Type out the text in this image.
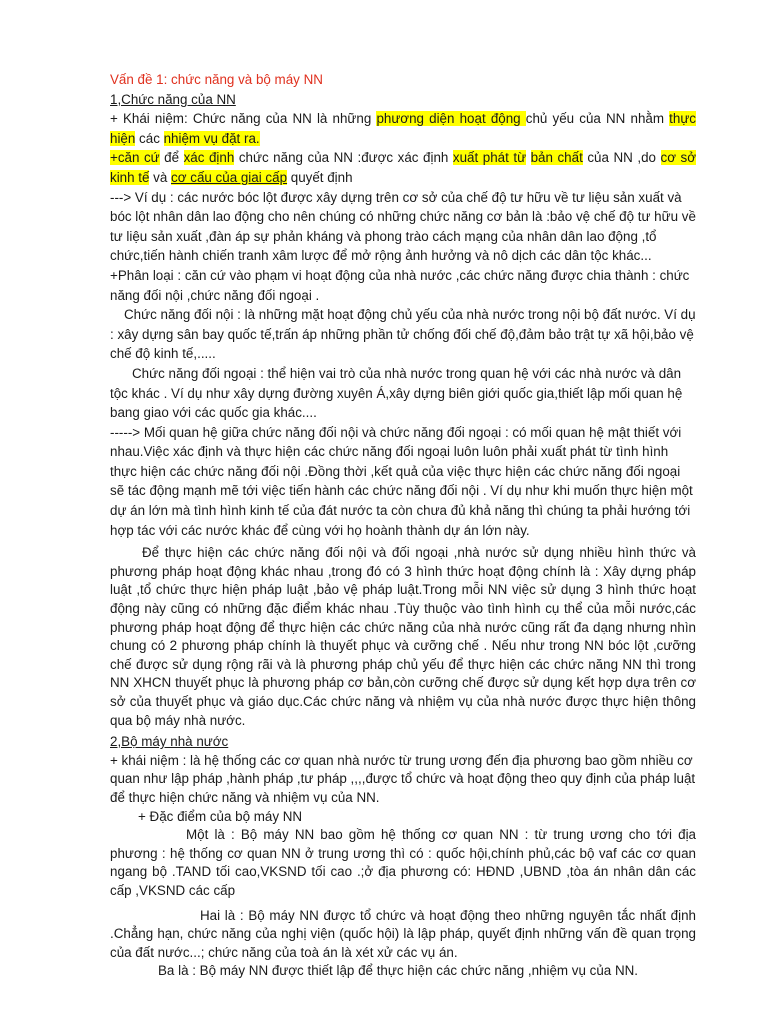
Vấn đề 1: chức năng và bộ máy NN

1,Chức năng của NN

+ Khái niệm: Chức năng của NN là những phương diện hoạt động chủ yếu của NN nhằm thực hiện các nhiệm vụ đặt ra.

+căn cứ để xác định chức năng của NN :được xác định xuất phát từ bản chất của NN ,do cơ sở kinh tế và cơ cấu của giai cấp quyết định

---> Ví dụ : các nước bóc lột được xây dựng trên cơ sở của chế độ tư hữu về tư liệu sản xuất và bóc lột nhân dân lao động cho nên chúng có những chức năng cơ bản là :bảo vệ chế độ tư hữu về tư liệu sản xuất ,đàn áp sự phản kháng và phong trào cách mạng của nhân dân lao động ,tổ chức,tiến hành chiến tranh xâm lược để mở rộng ảnh hưởng và nô dịch các dân tộc khác...

+Phân loại : căn cứ vào phạm vi hoạt động của nhà nước ,các chức năng được chia thành : chức năng đối nội ,chức năng đối ngoại .

Chức năng đối nội : là những mặt hoạt động chủ yếu của nhà nước trong nội bộ đất nước. Ví dụ : xây dựng sân bay quốc tế,trấn áp những phần tử chống đối chế độ,đảm bảo trật tự xã hội,bảo vệ chế độ kinh tế,.....

Chức năng đối ngoại : thể hiện vai trò của nhà nước trong quan hệ với các nhà nước và dân tộc khác . Ví dụ như xây dựng đường xuyên Á,xây dựng biên giới quốc gia,thiết lập mối quan hệ bang giao với các quốc gia khác....

-----> Mối quan hệ giữa chức năng đối nội và chức năng đối ngoại : có mối quan hệ mật thiết với nhau.Việc xác định và thực hiện các chức năng đối ngoại luôn luôn phải xuất phát từ tình hình thực hiện các chức năng đối nội .Đồng thời ,kết quả của việc thực hiện các chức năng đối ngoại sẽ tác động mạnh mẽ tới việc tiến hành các chức năng đối nội . Ví dụ như khi muốn thực hiện một dự án lớn mà tình hình kinh tế của đát nước ta còn chưa đủ khả năng thì chúng ta phải hướng tới hợp tác với các nước khác để cùng với họ hoành thành dự án lớn này.

Để thực hiện các chức năng đối nội và đối ngoại ,nhà nước sử dụng nhiều hình thức và phương pháp hoạt động khác nhau ,trong đó có 3 hình thức hoạt động chính là : Xây dựng pháp luật ,tổ chức thực hiện pháp luật ,bảo vệ pháp luật.Trong mỗi NN việc sử dụng 3 hình thức hoạt động này cũng có những đặc điểm khác nhau .Tùy thuộc vào tình hình cụ thể của mỗi nước,các phương pháp hoạt động để thực hiện các chức năng của nhà nước cũng rất đa dạng nhưng nhìn chung có 2 phương pháp chính là thuyết phục và cưỡng chế . Nếu như trong NN bóc lột ,cưỡng chế được sử dụng rộng rãi và là phương pháp chủ yếu để thực hiện các chức năng NN thì trong NN XHCN thuyết phục là phương pháp cơ bản,còn cưỡng chế được sử dụng kết hợp dựa trên cơ sở của thuyết phục và giáo dục.Các chức năng và nhiệm vụ của nhà nước được thực hiện thông qua bộ máy nhà nước.

2,Bộ máy nhà nước

+ khái niệm : là hệ thống các cơ quan nhà nước từ trung ương đến địa phương bao gồm nhiều cơ quan như lập pháp ,hành pháp ,tư pháp ,,,,được tổ chức và hoạt động theo quy định của pháp luật để thực hiện chức năng và nhiệm vụ của NN.

+ Đặc điểm của bộ máy NN

Một là : Bộ máy NN bao gồm hệ thống cơ quan NN : từ trung ương cho tới địa phương : hệ thống cơ quan NN ở trung ương thì có : quốc hội,chính phủ,các bộ vaf các cơ quan ngang bộ .TAND tối cao,VKSND tối cao .;ở địa phương có: HĐND ,UBND ,tòa án nhân dân các cấp ,VKSND các cấp

Hai là : Bộ máy NN được tổ chức và hoạt động theo những nguyên tắc nhất định .Chẳng hạn, chức năng của nghị viện (quốc hội) là lập pháp, quyết định những vấn đề quan trọng của đất nước...; chức năng của toà án là xét xử các vụ án.

Ba là : Bộ máy NN được thiết lập để thực hiện các chức năng ,nhiệm vụ của NN.
